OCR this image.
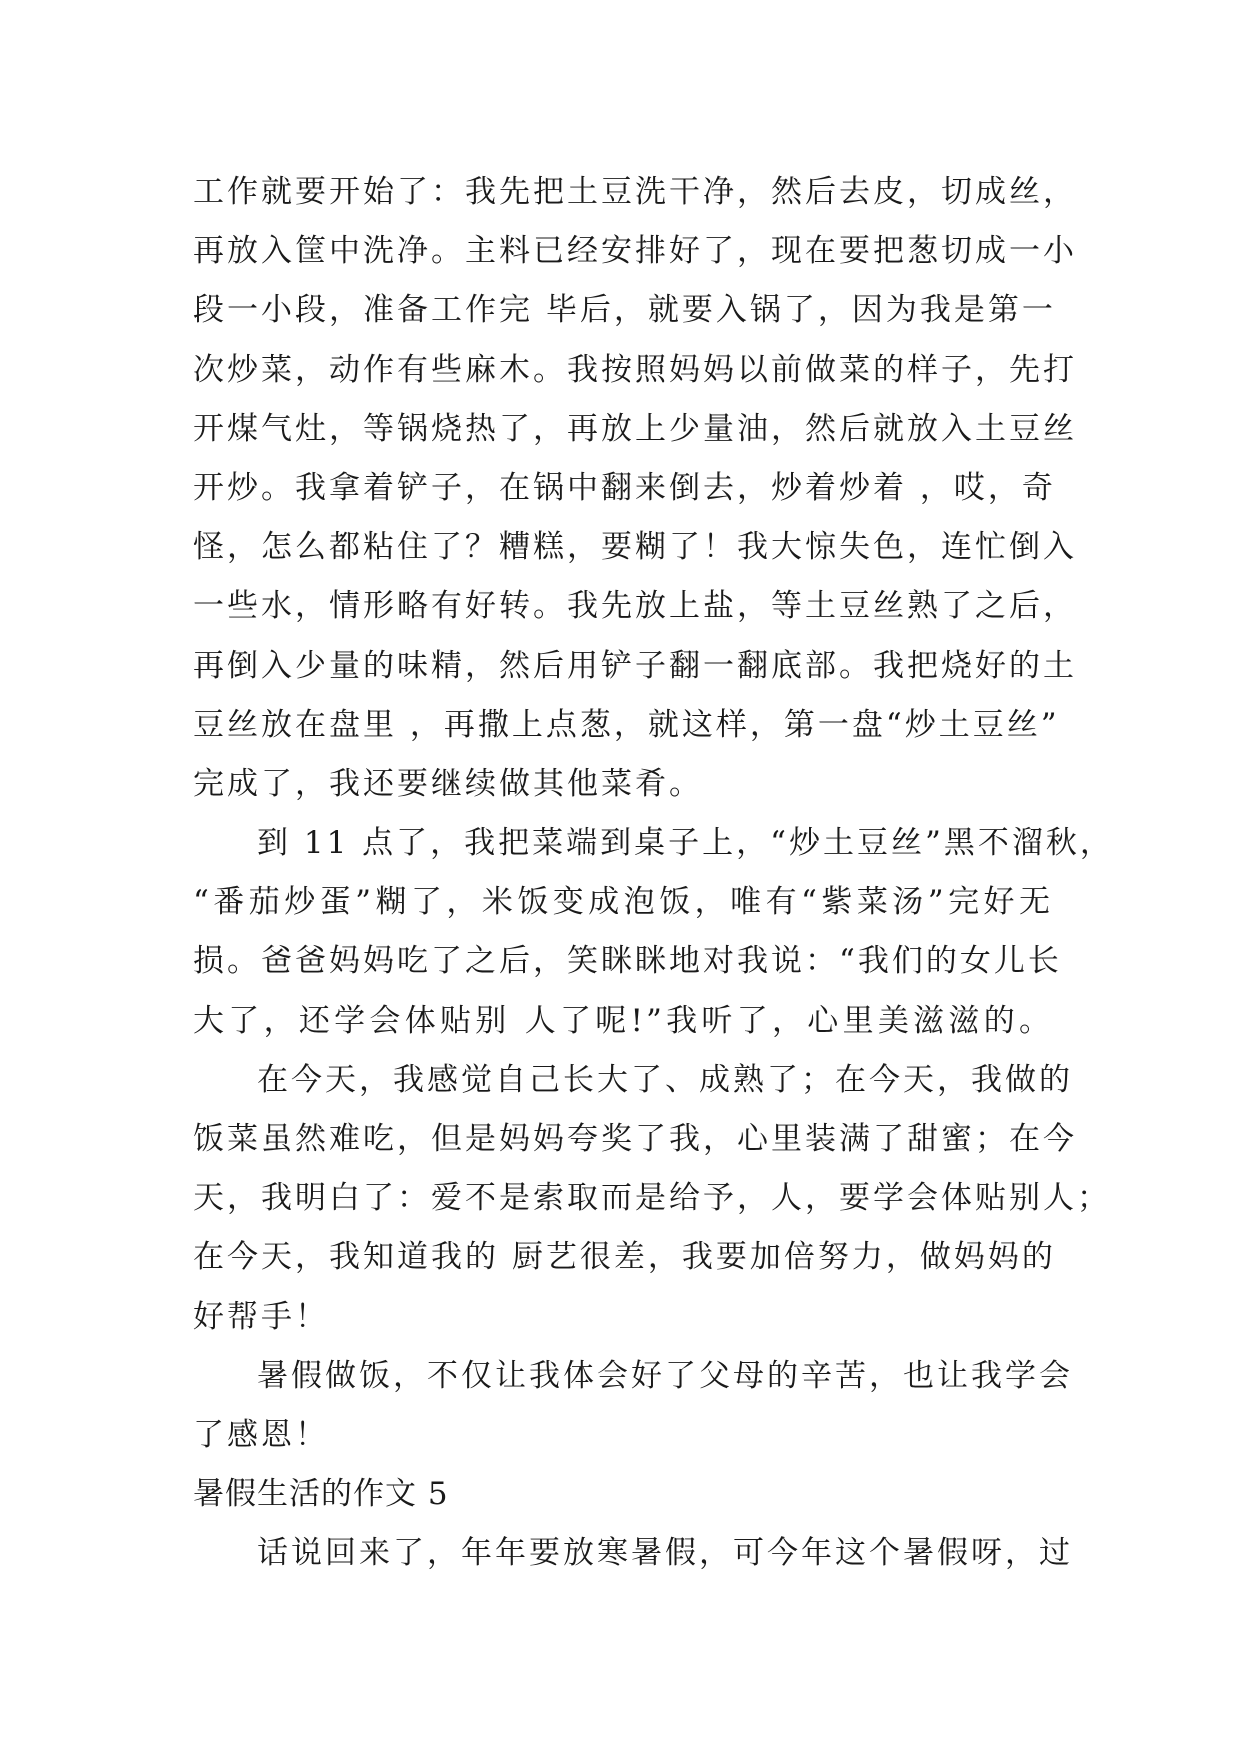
工作就要开始了：我先把土豆洗干净，然后去皮，切成丝，
再放入筐中洗净。主料已经安排好了，现在要把葱切成一小
段一小段，准备工作完 毕后，就要入锅了，因为我是第一
次炒菜，动作有些麻木。我按照妈妈以前做菜的样子，先打
开煤气灶，等锅烧热了，再放上少量油，然后就放入土豆丝
开炒。我拿着铲子，在锅中翻来倒去，炒着炒着 ，哎，奇
怪，怎么都粘住了？糟糕，要糊了！我大惊失色，连忙倒入
一些水，情形略有好转。我先放上盐，等土豆丝熟了之后，
再倒入少量的味精，然后用铲子翻一翻底部。我把烧好的土
豆丝放在盘里 ，再撒上点葱，就这样，第一盘“炒土豆丝”
完成了，我还要继续做其他菜肴。
到 11 点了，我把菜端到桌子上，“炒土豆丝”黑不溜秋，
“番茄炒蛋”糊了，米饭变成泡饭，唯有“紫菜汤”完好无
损。爸爸妈妈吃了之后，笑眯眯地对我说：“我们的女儿长
大了，还学会体贴别 人了呢!”我听了，心里美滋滋的。
在今天，我感觉自己长大了、成熟了；在今天，我做的
饭菜虽然难吃，但是妈妈夸奖了我，心里装满了甜蜜；在今
天，我明白了：爱不是索取而是给予，人，要学会体贴别人；
在今天，我知道我的 厨艺很差，我要加倍努力，做妈妈的
好帮手！
暑假做饭，不仅让我体会好了父母的辛苦，也让我学会
了感恩！
暑假生活的作文 5
话说回来了，年年要放寒暑假，可今年这个暑假呀，过
